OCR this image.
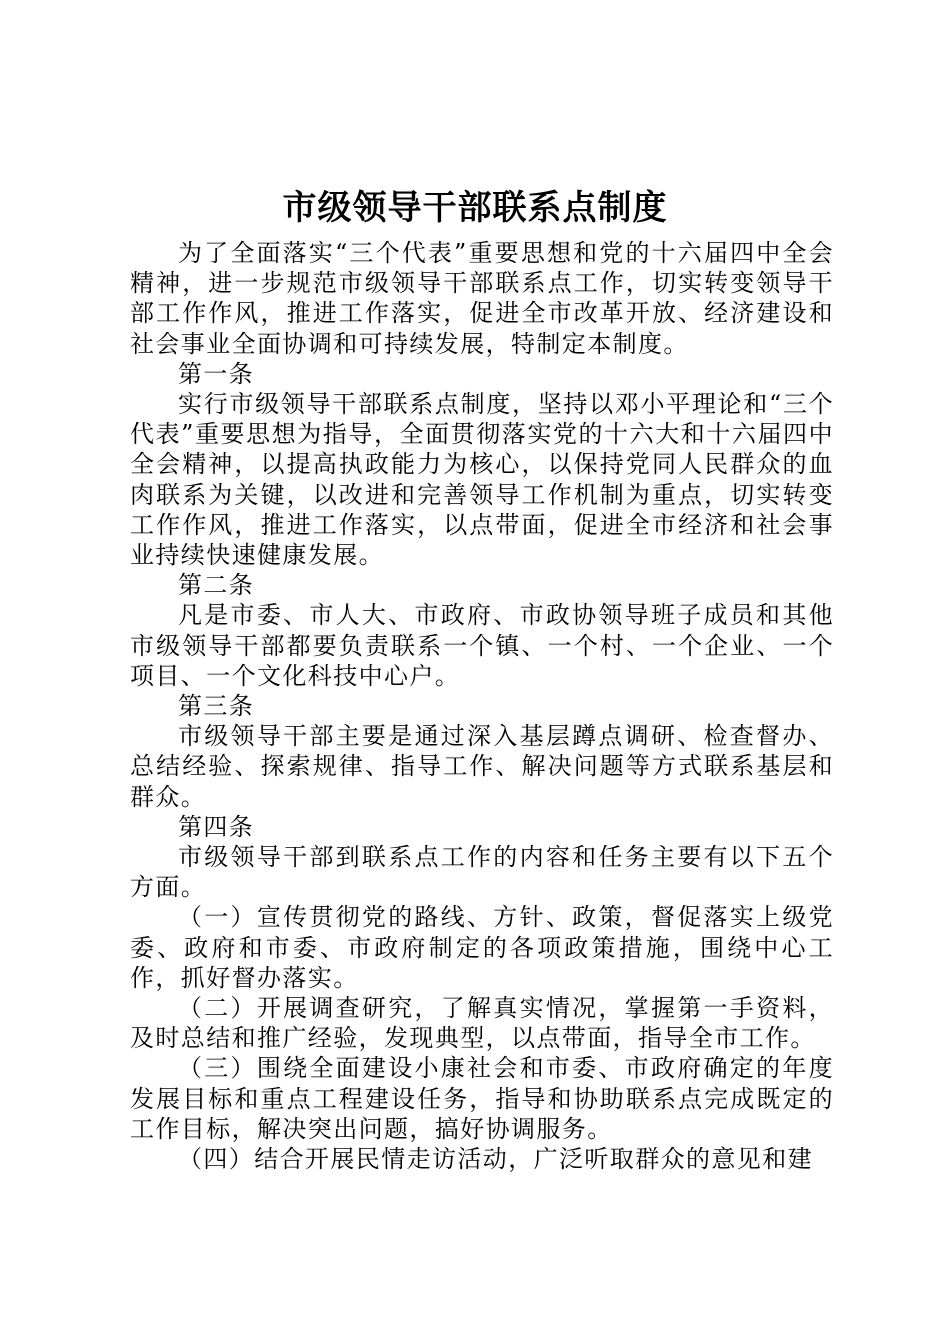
市级领导干部联系点制度

为了全面落实“三个代表”重要思想和党的十六届四中全会精神，进一步规范市级领导干部联系点工作，切实转变领导干部工作作风，推进工作落实，促进全市改革开放、经济建设和社会事业全面协调和可持续发展，特制定本制度。

第一条

实行市级领导干部联系点制度，坚持以邓小平理论和“三个代表”重要思想为指导，全面贯彻落实党的十六大和十六届四中全会精神，以提高执政能力为核心，以保持党同人民群众的血肉联系为关键，以改进和完善领导工作机制为重点，切实转变工作作风，推进工作落实，以点带面，促进全市经济和社会事业持续快速健康发展。

第二条

凡是市委、市人大、市政府、市政协领导班子成员和其他市级领导干部都要负责联系一个镇、一个村、一个企业、一个项目、一个文化科技中心户。

第三条

市级领导干部主要是通过深入基层蹲点调研、检查督办、总结经验、探索规律、指导工作、解决问题等方式联系基层和群众。

第四条

市级领导干部到联系点工作的内容和任务主要有以下五个方面。

（一）宣传贯彻党的路线、方针、政策，督促落实上级党委、政府和市委、市政府制定的各项政策措施，围绕中心工作，抓好督办落实。

（二）开展调查研究，了解真实情况，掌握第一手资料，及时总结和推广经验，发现典型，以点带面，指导全市工作。

（三）围绕全面建设小康社会和市委、市政府确定的年度发展目标和重点工程建设任务，指导和协助联系点完成既定的工作目标，解决突出问题，搞好协调服务。

（四）结合开展民情走访活动，广泛听取群众的意见和建
